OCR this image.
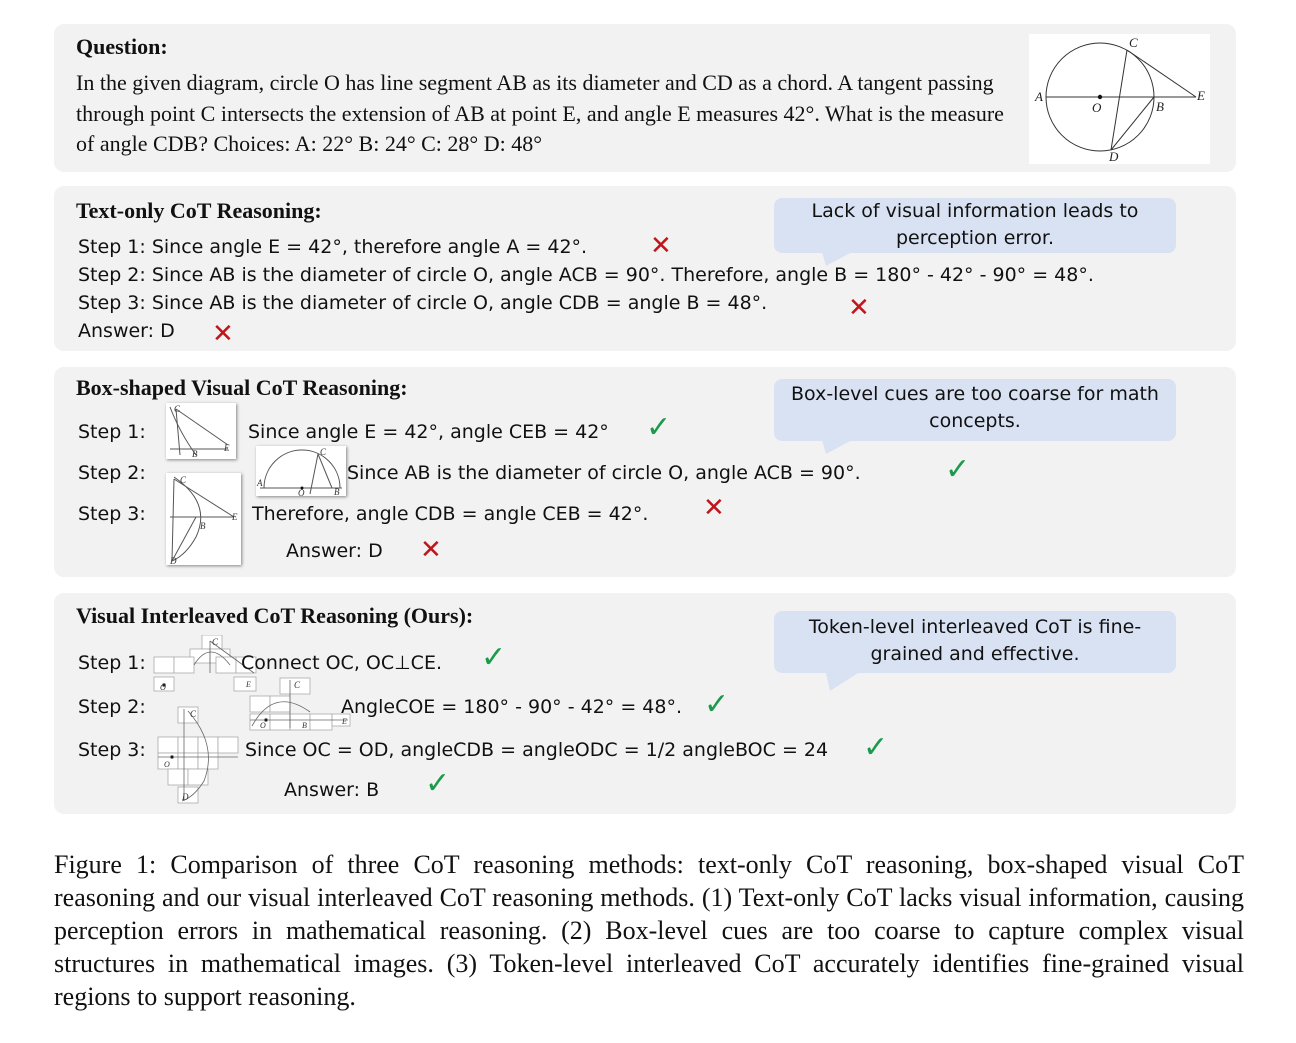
Question:
In the given diagram, circle O has line segment AB as its diameter and CD as a chord. A tangent passing through point C intersects the extension of AB at point E, and angle E measures 42°. What is the measure of angle CDB? Choices: A: 22° B: 24° C: 28° D: 48°
A
B
C
D
E
O
Text-only CoT Reasoning:	Lack of visual information leads to perception error.
Step 1: Since angle E = 42°, therefore angle A = 42°. ✕
Step 2: Since AB is the diameter of circle O, angle ACB = 90°. Therefore, angle B = 180° - 42° - 90° = 48°.
Step 3: Since AB is the diameter of circle O, angle CDB = angle B = 48°.	✕
Answer: D ✕
Box-shaped Visual CoT Reasoning:	Box-level cues are too coarse for math concepts.
Step 1:
C
E
B
Since angle E = 42°, angle CEB = 42° ✓
Step 2:	A
C
O	B
Since AB is the diameter of circle O, angle ACB = 90°.	✓
Step 3:
C
E
B
D
Therefore, angle CDB = angle CEB = 42°. ✕
Answer: D ✕
Visual Interleaved CoT Reasoning (Ours):	Token-level interleaved CoT is fine-grained and effective.
Step 1:
C
O	E
Connect OC, OC⊥CE. ✓
Step 2:
C
O	B	E
AngleCOE = 180° - 90° - 42° = 48°. ✓
Step 3:
C
O
D
Since OC = OD, angleCDB = angleODC = 1/2 angleBOC = 24 ✓
Answer: B ✓
Figure 1: Comparison of three CoT reasoning methods: text-only CoT reasoning, box-shaped visual CoT reasoning and our visual interleaved CoT reasoning methods. (1) Text-only CoT lacks visual information, causing perception errors in mathematical reasoning. (2) Box-level cues are too coarse to capture complex visual structures in mathematical images. (3) Token-level interleaved CoT accurately identifies fine-grained visual regions to support reasoning.
